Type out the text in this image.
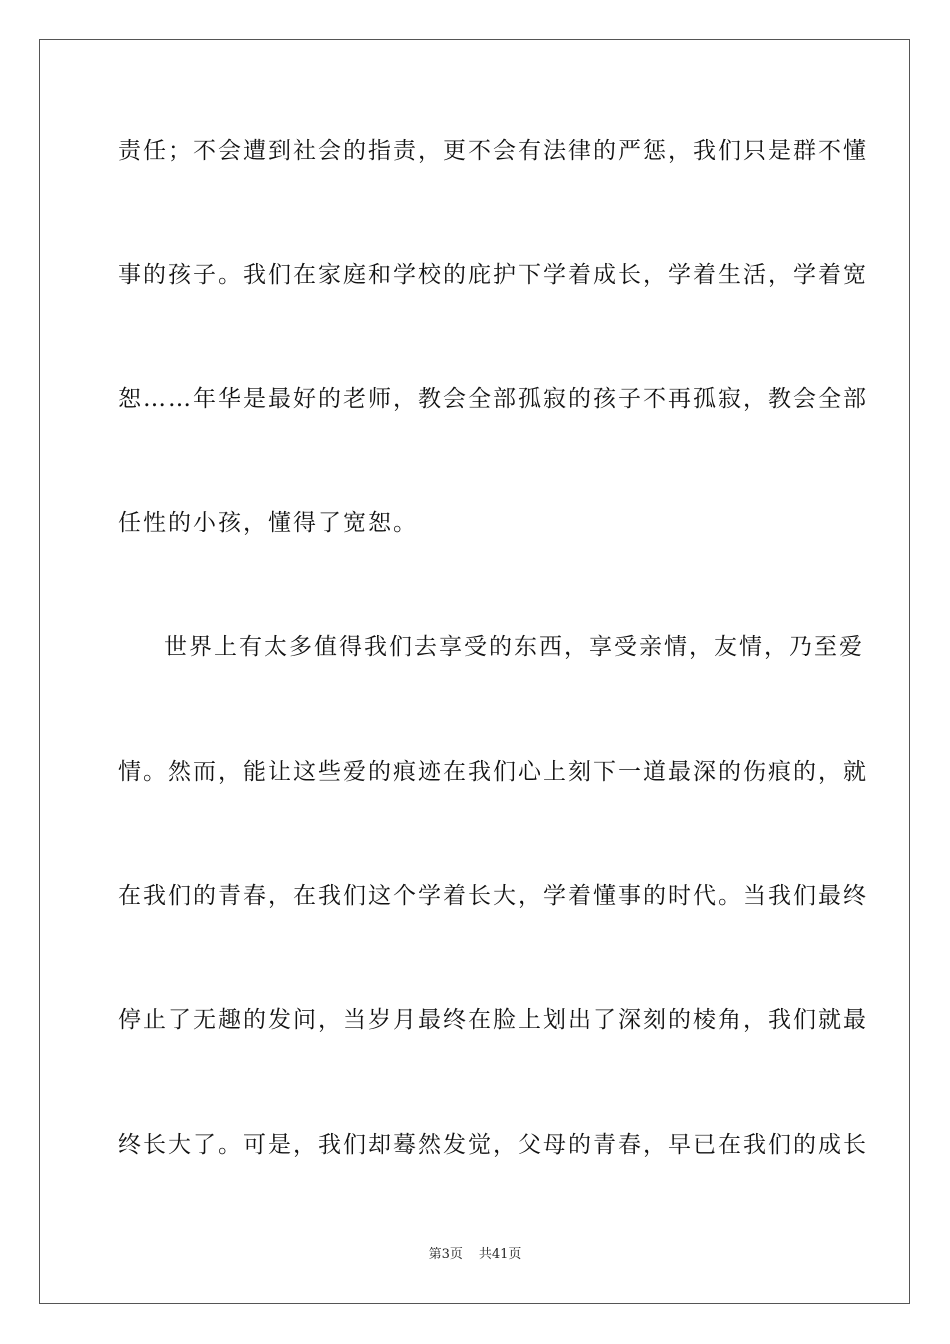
责任；不会遭到社会的指责，更不会有法律的严惩，我们只是群不懂
事的孩子。我们在家庭和学校的庇护下学着成长，学着生活，学着宽
恕……年华是最好的老师，教会全部孤寂的孩子不再孤寂，教会全部
任性的小孩，懂得了宽恕。
世界上有太多值得我们去享受的东西，享受亲情，友情，乃至爱
情。然而，能让这些爱的痕迹在我们心上刻下一道最深的伤痕的，就
在我们的青春，在我们这个学着长大，学着懂事的时代。当我们最终
停止了无趣的发问，当岁月最终在脸上划出了深刻的棱角，我们就最
终长大了。可是，我们却蓦然发觉，父母的青春，早已在我们的成长
第3页 共41页
